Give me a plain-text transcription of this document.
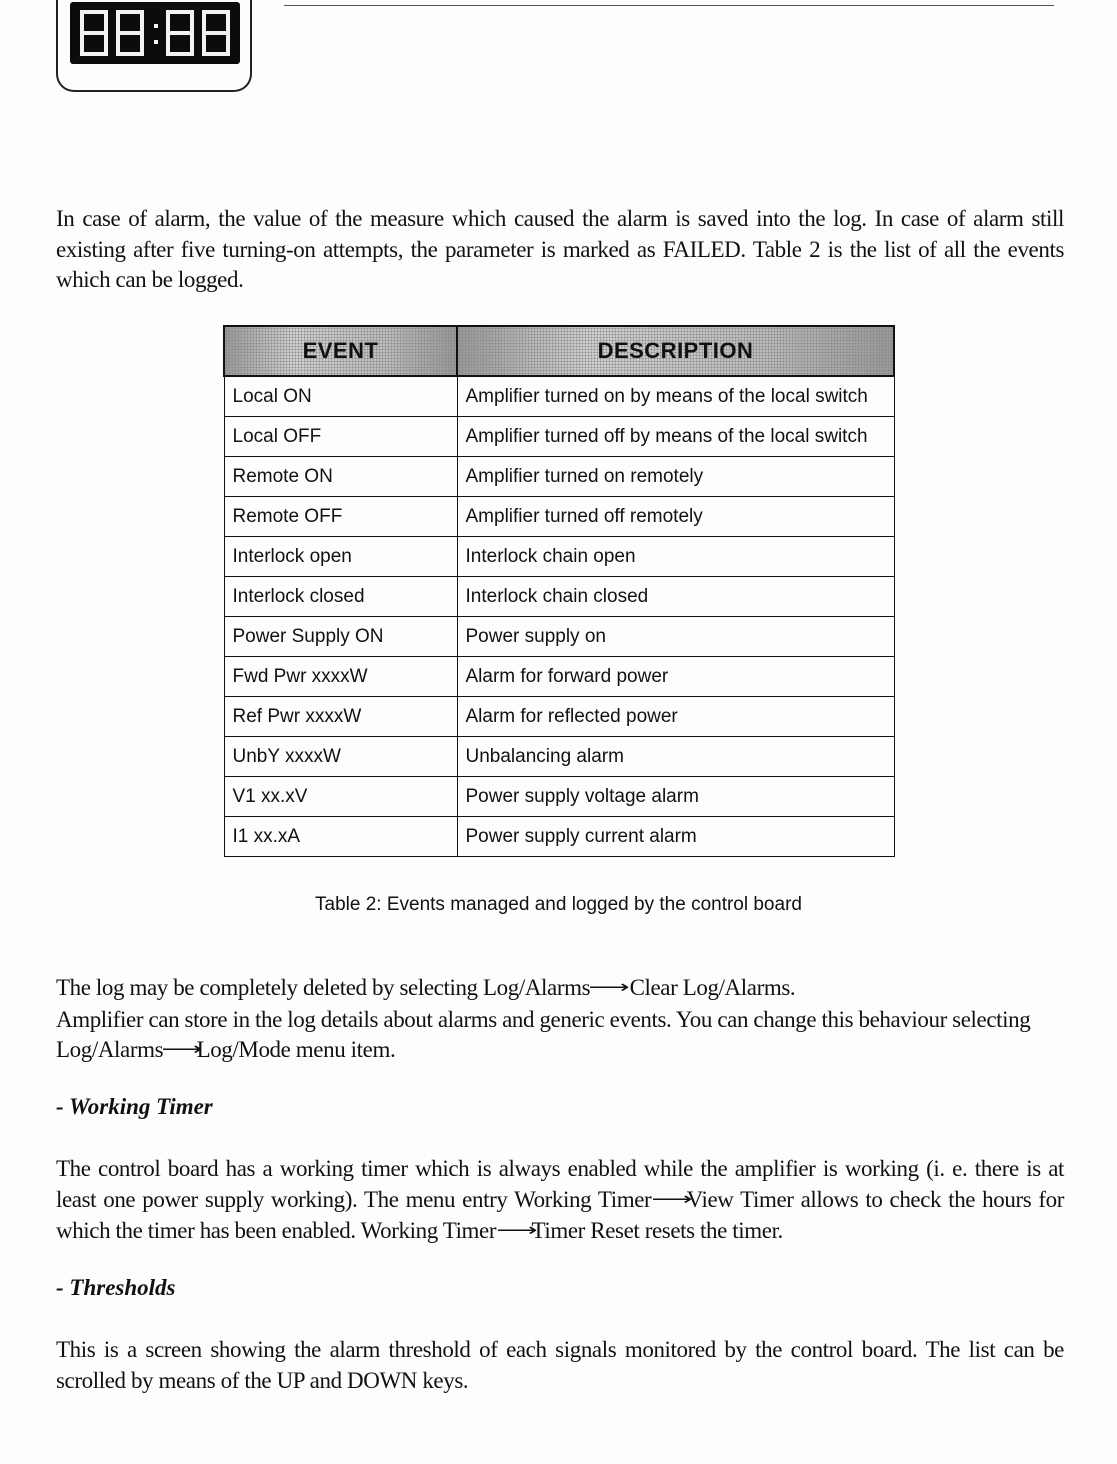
In case of alarm, the value of the measure which caused the alarm is saved into the log. In case of alarm still existing after five turning-on attempts, the parameter is marked as FAILED. Table 2 is the list of all the events which can be logged.

EVENT	DESCRIPTION
Local ON	Amplifier turned on by means of the local switch
Local OFF	Amplifier turned off by means of the local switch
Remote ON	Amplifier turned on remotely
Remote OFF	Amplifier turned off remotely
Interlock open	Interlock chain open
Interlock closed	Interlock chain closed
Power Supply ON	Power supply on
Fwd Pwr xxxxW	Alarm for forward power
Ref Pwr xxxxW	Alarm for reflected power
UnbY xxxxW	Unbalancing alarm
V1 xx.xV	Power supply voltage alarm
I1 xx.xA	Power supply current alarm
Table 2: Events managed and logged by the control board

The log may be completely deleted by selecting Log/Alarms⟶Clear Log/Alarms.
Amplifier can store in the log details about alarms and generic events. You can change this behaviour selecting
Log/Alarms⟶Log/Mode menu item.

- Working Timer

The control board has a working timer which is always enabled while the amplifier is working (i. e. there is at least one power supply working). The menu entry Working Timer⟶View Timer allows to check the hours for which the timer has been enabled. Working Timer⟶Timer Reset resets the timer.

- Thresholds

This is a screen showing the alarm threshold of each signals monitored by the control board. The list can be scrolled by means of the UP and DOWN keys.
